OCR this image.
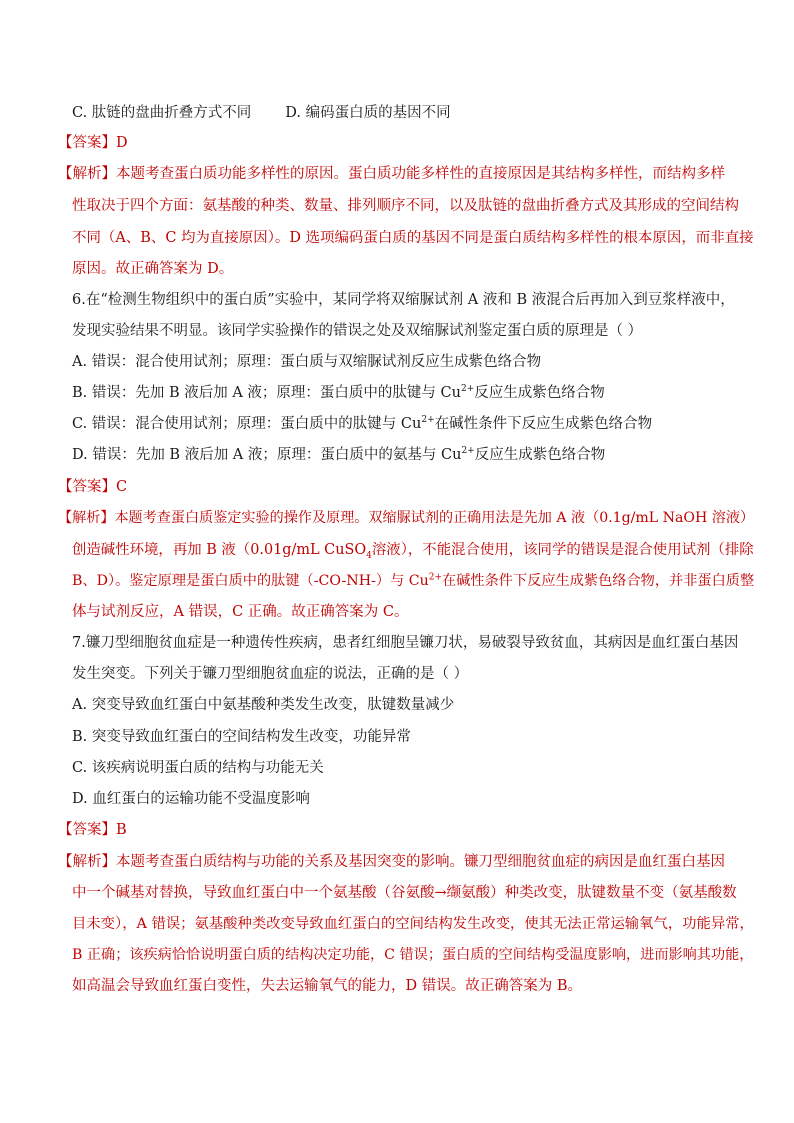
C. 肽链的盘曲折叠方式不同 D. 编码蛋白质的基因不同
【答案】D
【解析】本题考查蛋白质功能多样性的原因。蛋白质功能多样性的直接原因是其结构多样性，而结构多样
性取决于四个方面：氨基酸的种类、数量、排列顺序不同，以及肽链的盘曲折叠方式及其形成的空间结构
不同（A、B、C 均为直接原因）。D 选项编码蛋白质的基因不同是蛋白质结构多样性的根本原因，而非直接
原因。故正确答案为 D。
6.在“检测生物组织中的蛋白质”实验中，某同学将双缩脲试剂 A 液和 B 液混合后再加入到豆浆样液中，
发现实验结果不明显。该同学实验操作的错误之处及双缩脲试剂鉴定蛋白质的原理是（ ）
A. 错误：混合使用试剂；原理：蛋白质与双缩脲试剂反应生成紫色络合物
B. 错误：先加 B 液后加 A 液；原理：蛋白质中的肽键与 $Cu^{2+}$反应生成紫色络合物
C. 错误：混合使用试剂；原理：蛋白质中的肽键与 $Cu^{2+}$在碱性条件下反应生成紫色络合物
D. 错误：先加 B 液后加 A 液；原理：蛋白质中的氨基与 $Cu^{2+}$反应生成紫色络合物
【答案】C
【解析】本题考查蛋白质鉴定实验的操作及原理。双缩脲试剂的正确用法是先加 A 液（0.1g/mL NaOH 溶液）
创造碱性环境，再加 B 液（0.01g/mL CuSO$_4$溶液），不能混合使用，该同学的错误是混合使用试剂（排除
B、D）。鉴定原理是蛋白质中的肽键（-CO-NH-）与 $Cu^{2+}$在碱性条件下反应生成紫色络合物，并非蛋白质整
体与试剂反应，A 错误，C 正确。故正确答案为 C。
7.镰刀型细胞贫血症是一种遗传性疾病，患者红细胞呈镰刀状，易破裂导致贫血，其病因是血红蛋白基因
发生突变。下列关于镰刀型细胞贫血症的说法，正确的是（ ）
A. 突变导致血红蛋白中氨基酸种类发生改变，肽键数量减少
B. 突变导致血红蛋白的空间结构发生改变，功能异常
C. 该疾病说明蛋白质的结构与功能无关
D. 血红蛋白的运输功能不受温度影响
【答案】B
【解析】本题考查蛋白质结构与功能的关系及基因突变的影响。镰刀型细胞贫血症的病因是血红蛋白基因
中一个碱基对替换，导致血红蛋白中一个氨基酸（谷氨酸→缬氨酸）种类改变，肽键数量不变（氨基酸数
目未变），A 错误；氨基酸种类改变导致血红蛋白的空间结构发生改变，使其无法正常运输氧气，功能异常，
B 正确；该疾病恰恰说明蛋白质的结构决定功能，C 错误；蛋白质的空间结构受温度影响，进而影响其功能，
如高温会导致血红蛋白变性，失去运输氧气的能力，D 错误。故正确答案为 B。
